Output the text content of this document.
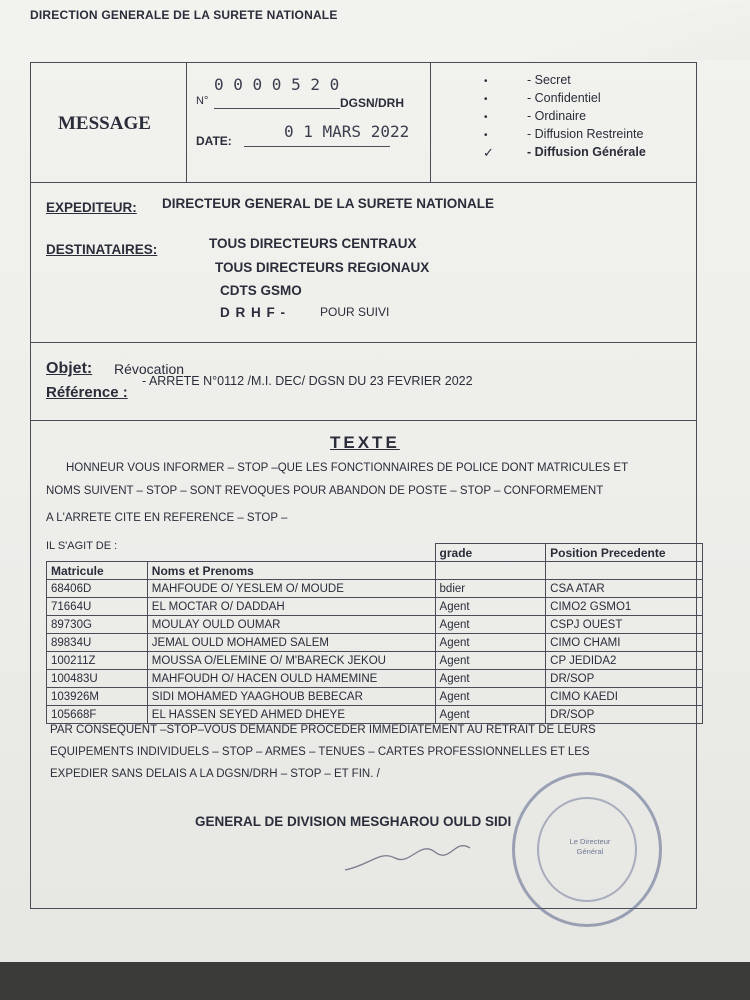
DIRECTION GENERALE DE LA SURETE NATIONALE
MESSAGE
N°
0 0 0 0 5 2 0
DGSN/DRH
DATE:	0 1 MARS 2022
•	- Secret
•	- Confidentiel
•	- Ordinaire
•	- Diffusion Restreinte
✓	- Diffusion Générale
EXPEDITEUR: DIRECTEUR GENERAL DE LA SURETE NATIONALE
DESTINATAIRES:	TOUS DIRECTEURS CENTRAUX
TOUS DIRECTEURS REGIONAUX
CDTS GSMO
D R H F -	POUR SUIVI
Objet: Révocation
Référence :
- ARRETE N°0112 /M.I. DEC/ DGSN DU 23 FEVRIER 2022
TEXTE
HONNEUR VOUS INFORMER – STOP –QUE LES FONCTIONNAIRES DE POLICE DONT MATRICULES ET
NOMS SUIVENT – STOP – SONT REVOQUES POUR ABANDON DE POSTE – STOP – CONFORMEMENT
A L'ARRETE CITE EN REFERENCE – STOP –
IL S'AGIT DE :
			grade	Position Precedente
Matricule	Noms et Prenoms		
68406D	MAHFOUDE O/ YESLEM O/ MOUDE	bdier	CSA ATAR
71664U	EL MOCTAR O/ DADDAH	Agent	CIMO2 GSMO1
89730G	MOULAY OULD OUMAR	Agent	CSPJ OUEST
89834U	JEMAL OULD MOHAMED SALEM	Agent	CIMO CHAMI
100211Z	MOUSSA O/ELEMINE O/ M'BARECK JEKOU	Agent	CP JEDIDA2
100483U	MAHFOUDH O/ HACEN OULD HAMEMINE	Agent	DR/SOP
103926M	SIDI MOHAMED YAAGHOUB BEBECAR	Agent	CIMO KAEDI
105668F	EL HASSEN SEYED AHMED DHEYE	Agent	DR/SOP
PAR CONSEQUENT –STOP–VOUS DEMANDE PROCEDER IMMEDIATEMENT AU RETRAIT DE LEURS
EQUIPEMENTS INDIVIDUELS – STOP – ARMES – TENUES – CARTES PROFESSIONNELLES ET LES
EXPEDIER SANS DELAIS A LA DGSN/DRH – STOP – ET FIN. /
GENERAL DE DIVISION MESGHAROU OULD SIDI
Le Directeur
Général
